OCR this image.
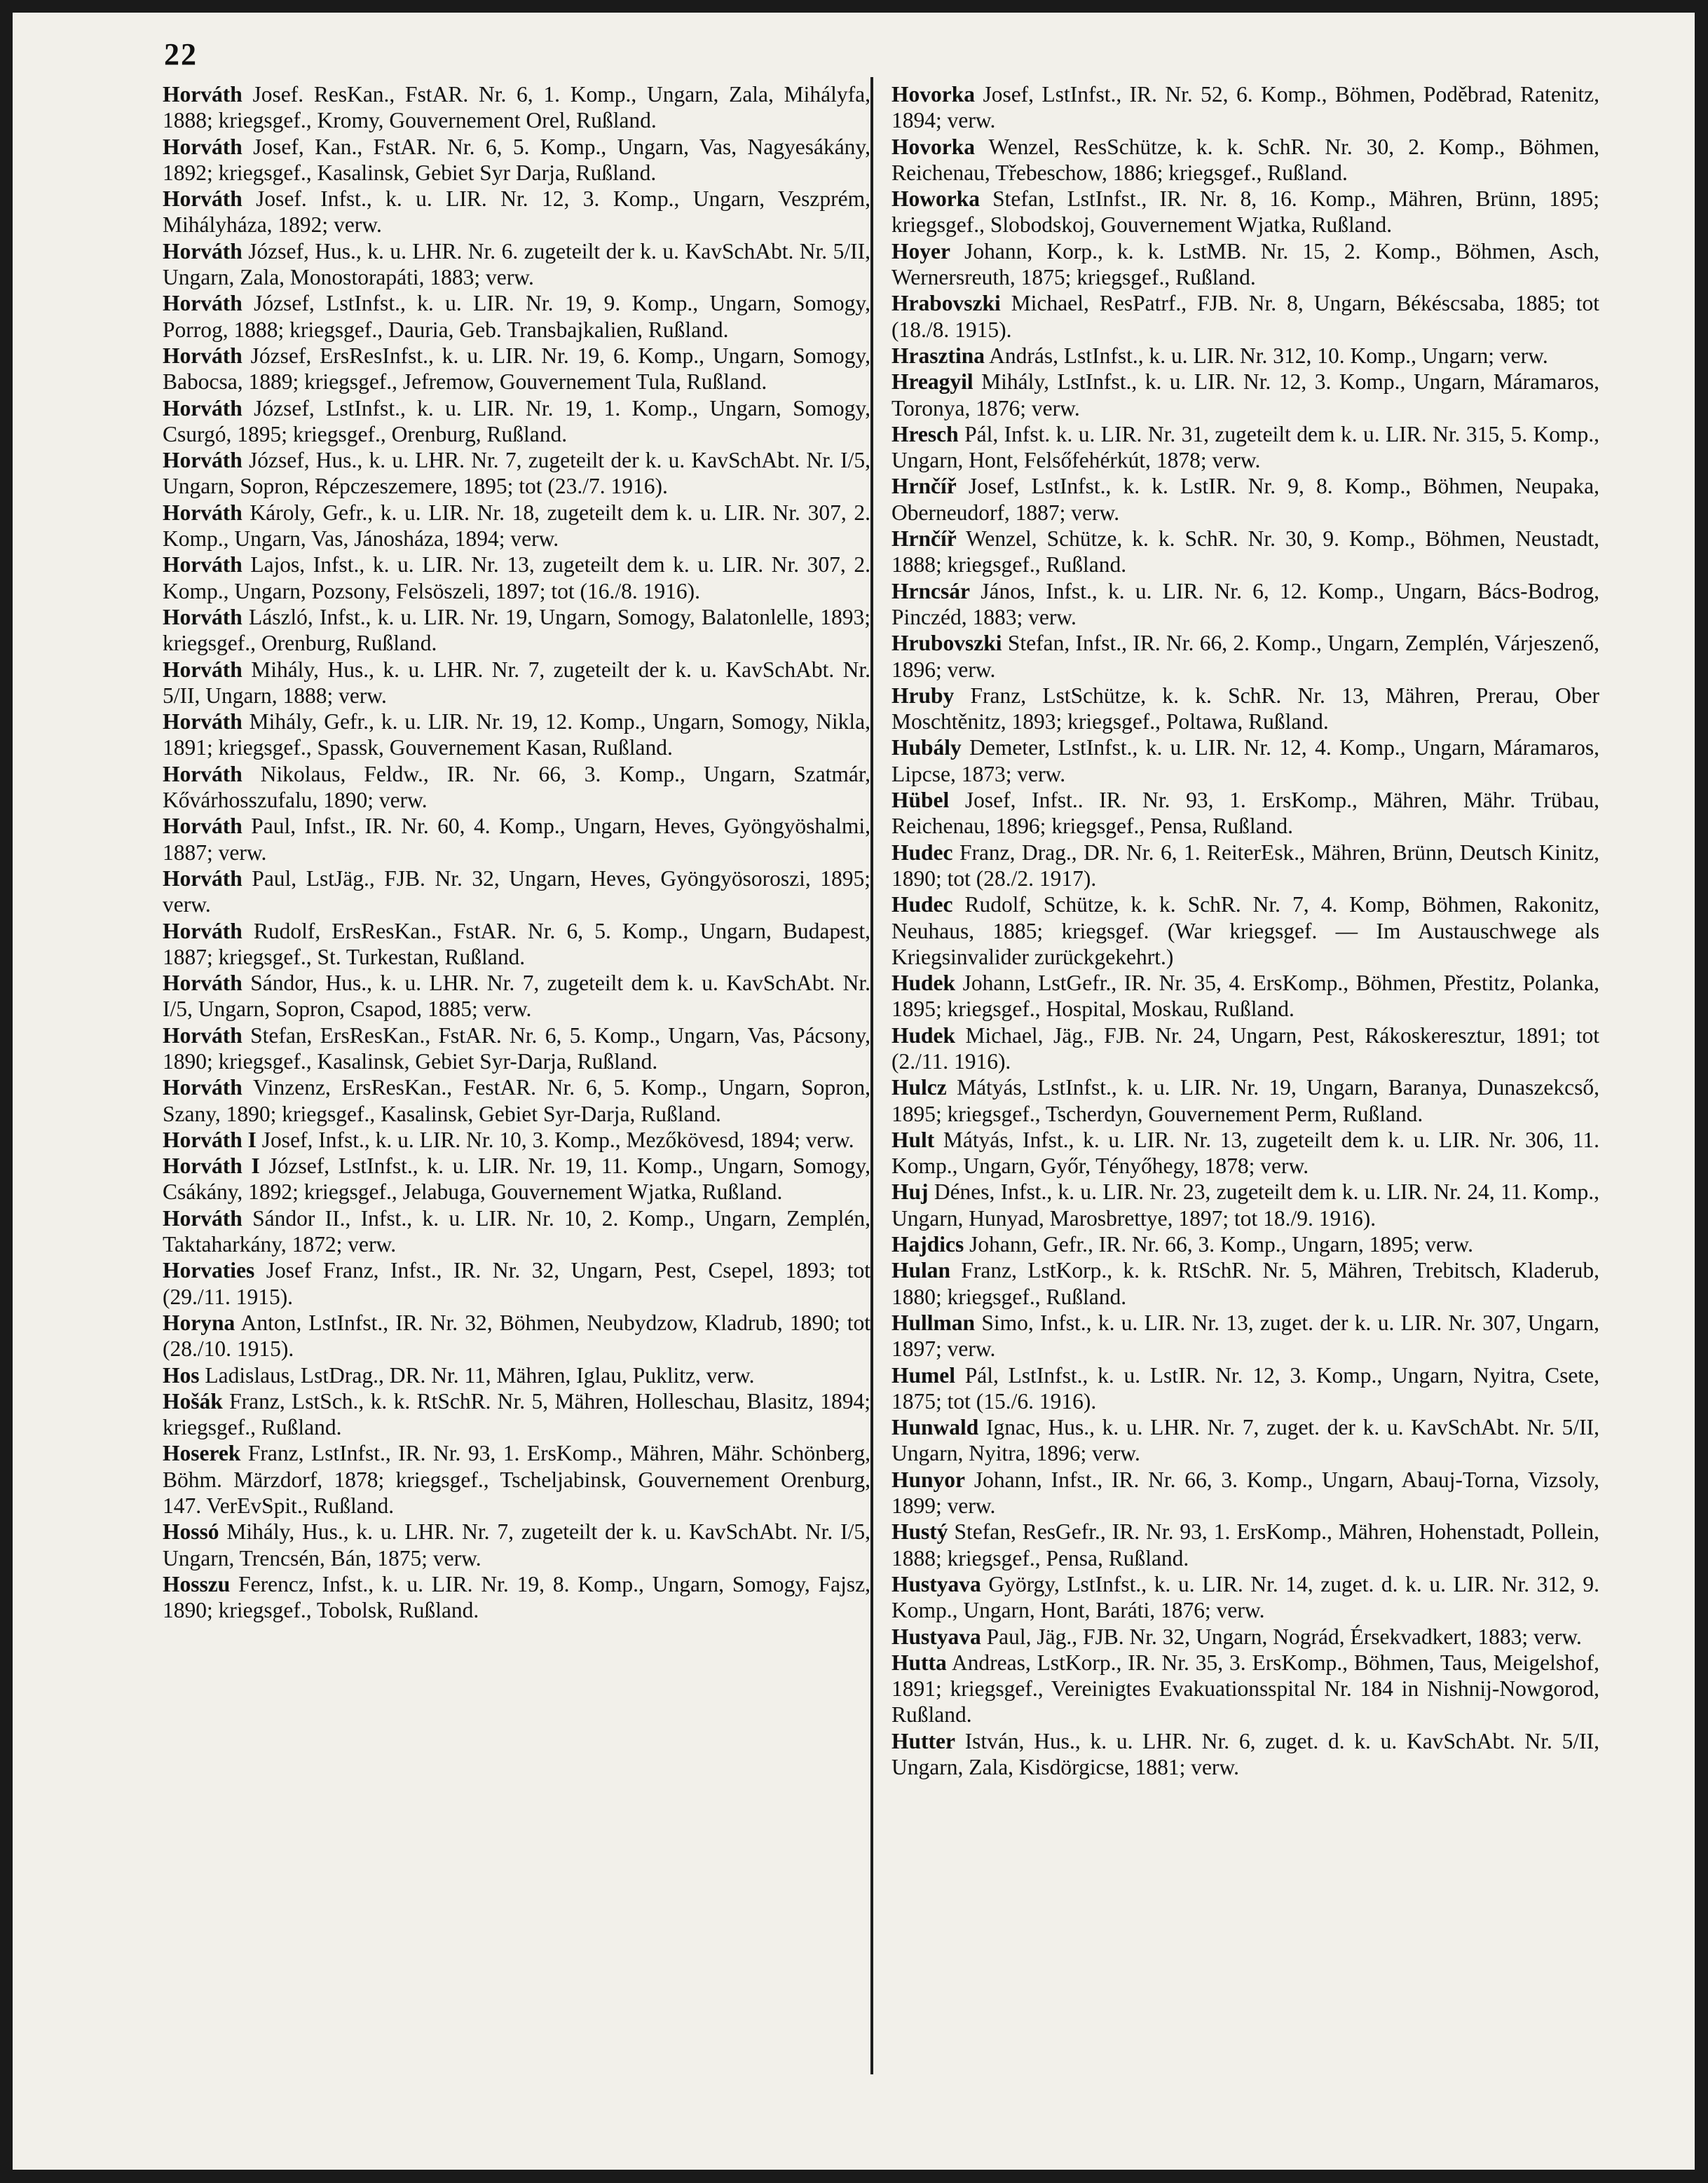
22
Horváth Josef. ResKan., FstAR. Nr. 6, 1. Komp., Ungarn, Zala, Mihályfa, 1888; kriegsgef., Kromy, Gouvernement Orel, Rußland.
Horváth Josef, Kan., FstAR. Nr. 6, 5. Komp., Ungarn, Vas, Nagyesákány, 1892; kriegsgef., Kasalinsk, Gebiet Syr Darja, Rußland.
Horváth Josef. Infst., k. u. LIR. Nr. 12, 3. Komp., Ungarn, Veszprém, Mihályháza, 1892; verw.
Horváth József, Hus., k. u. LHR. Nr. 6. zugeteilt der k. u. KavSchAbt. Nr. 5/II, Ungarn, Zala, Monostorapáti, 1883; verw.
Horváth József, LstInfst., k. u. LIR. Nr. 19, 9. Komp., Ungarn, Somogy, Porrog, 1888; kriegsgef., Dauria, Geb. Transbajkalien, Rußland.
Horváth József, ErsResInfst., k. u. LIR. Nr. 19, 6. Komp., Ungarn, Somogy, Babocsa, 1889; kriegsgef., Jefremow, Gouvernement Tula, Rußland.
Horváth József, LstInfst., k. u. LIR. Nr. 19, 1. Komp., Ungarn, Somogy, Csurgó, 1895; kriegsgef., Orenburg, Rußland.
Horváth József, Hus., k. u. LHR. Nr. 7, zugeteilt der k. u. KavSchAbt. Nr. I/5, Ungarn, Sopron, Répczeszemere, 1895; tot (23./7. 1916).
Horváth Károly, Gefr., k. u. LIR. Nr. 18, zugeteilt dem k. u. LIR. Nr. 307, 2. Komp., Ungarn, Vas, Jánosháza, 1894; verw.
Horváth Lajos, Infst., k. u. LIR. Nr. 13, zugeteilt dem k. u. LIR. Nr. 307, 2. Komp., Ungarn, Pozsony, Felsöszeli, 1897; tot (16./8. 1916).
Horváth László, Infst., k. u. LIR. Nr. 19, Ungarn, Somogy, Balatonlelle, 1893; kriegsgef., Orenburg, Rußland.
Horváth Mihály, Hus., k. u. LHR. Nr. 7, zugeteilt der k. u. KavSchAbt. Nr. 5/II, Ungarn, 1888; verw.
Horváth Mihály, Gefr., k. u. LIR. Nr. 19, 12. Komp., Ungarn, Somogy, Nikla, 1891; kriegsgef., Spassk, Gouvernement Kasan, Rußland.
Horváth Nikolaus, Feldw., IR. Nr. 66, 3. Komp., Ungarn, Szatmár, Kővárhosszufalu, 1890; verw.
Horváth Paul, Infst., IR. Nr. 60, 4. Komp., Ungarn, Heves, Gyöngyöshalmi, 1887; verw.
Horváth Paul, LstJäg., FJB. Nr. 32, Ungarn, Heves, Gyöngyösoroszi, 1895; verw.
Horváth Rudolf, ErsResKan., FstAR. Nr. 6, 5. Komp., Ungarn, Budapest, 1887; kriegsgef., St. Turkestan, Rußland.
Horváth Sándor, Hus., k. u. LHR. Nr. 7, zugeteilt dem k. u. KavSchAbt. Nr. I/5, Ungarn, Sopron, Csapod, 1885; verw.
Horváth Stefan, ErsResKan., FstAR. Nr. 6, 5. Komp., Ungarn, Vas, Pácsony, 1890; kriegsgef., Kasalinsk, Gebiet Syr-Darja, Rußland.
Horváth Vinzenz, ErsResKan., FestAR. Nr. 6, 5. Komp., Ungarn, Sopron, Szany, 1890; kriegsgef., Kasalinsk, Gebiet Syr-Darja, Rußland.
Horváth I Josef, Infst., k. u. LIR. Nr. 10, 3. Komp., Mezőkövesd, 1894; verw.
Horváth I József, LstInfst., k. u. LIR. Nr. 19, 11. Komp., Ungarn, Somogy, Csákány, 1892; kriegsgef., Jelabuga, Gouvernement Wjatka, Rußland.
Horváth Sándor II., Infst., k. u. LIR. Nr. 10, 2. Komp., Ungarn, Zemplén, Taktaharkány, 1872; verw.
Horvaties Josef Franz, Infst., IR. Nr. 32, Ungarn, Pest, Csepel, 1893; tot (29./11. 1915).
Horyna Anton, LstInfst., IR. Nr. 32, Böhmen, Neubydzow, Kladrub, 1890; tot (28./10. 1915).
Hos Ladislaus, LstDrag., DR. Nr. 11, Mähren, Iglau, Puklitz, verw.
Hošák Franz, LstSch., k. k. RtSchR. Nr. 5, Mähren, Holleschau, Blasitz, 1894; kriegsgef., Rußland.
Hoserek Franz, LstInfst., IR. Nr. 93, 1. ErsKomp., Mähren, Mähr. Schönberg, Böhm. Märzdorf, 1878; kriegsgef., Tscheljabinsk, Gouvernement Orenburg, 147. VerEvSpit., Rußland.
Hossó Mihály, Hus., k. u. LHR. Nr. 7, zugeteilt der k. u. KavSchAbt. Nr. I/5, Ungarn, Trencsén, Bán, 1875; verw.
Hosszu Ferencz, Infst., k. u. LIR. Nr. 19, 8. Komp., Ungarn, Somogy, Fajsz, 1890; kriegsgef., Tobolsk, Rußland.
Hovorka Josef, LstInfst., IR. Nr. 52, 6. Komp., Böhmen, Poděbrad, Ratenitz, 1894; verw.
Hovorka Wenzel, ResSchütze, k. k. SchR. Nr. 30, 2. Komp., Böhmen, Reichenau, Třebeschow, 1886; kriegsgef., Rußland.
Howorka Stefan, LstInfst., IR. Nr. 8, 16. Komp., Mähren, Brünn, 1895; kriegsgef., Slobodskoj, Gouvernement Wjatka, Rußland.
Hoyer Johann, Korp., k. k. LstMB. Nr. 15, 2. Komp., Böhmen, Asch, Wernersreuth, 1875; kriegsgef., Rußland.
Hrabovszki Michael, ResPatrf., FJB. Nr. 8, Ungarn, Békéscsaba, 1885; tot (18./8. 1915).
Hrasztina András, LstInfst., k. u. LIR. Nr. 312, 10. Komp., Ungarn; verw.
Hreagyil Mihály, LstInfst., k. u. LIR. Nr. 12, 3. Komp., Ungarn, Máramaros, Toronya, 1876; verw.
Hresch Pál, Infst. k. u. LIR. Nr. 31, zugeteilt dem k. u. LIR. Nr. 315, 5. Komp., Ungarn, Hont, Felsőfehérkút, 1878; verw.
Hrnčíř Josef, LstInfst., k. k. LstIR. Nr. 9, 8. Komp., Böhmen, Neupaka, Oberneudorf, 1887; verw.
Hrnčíř Wenzel, Schütze, k. k. SchR. Nr. 30, 9. Komp., Böhmen, Neustadt, 1888; kriegsgef., Rußland.
Hrncsár János, Infst., k. u. LIR. Nr. 6, 12. Komp., Ungarn, Bács-Bodrog, Pinczéd, 1883; verw.
Hrubovszki Stefan, Infst., IR. Nr. 66, 2. Komp., Ungarn, Zemplén, Várjeszenő, 1896; verw.
Hruby Franz, LstSchütze, k. k. SchR. Nr. 13, Mähren, Prerau, Ober Moschtěnitz, 1893; kriegsgef., Poltawa, Rußland.
Hubály Demeter, LstInfst., k. u. LIR. Nr. 12, 4. Komp., Ungarn, Máramaros, Lipcse, 1873; verw.
Hübel Josef, Infst.. IR. Nr. 93, 1. ErsKomp., Mähren, Mähr. Trübau, Reichenau, 1896; kriegsgef., Pensa, Rußland.
Hudec Franz, Drag., DR. Nr. 6, 1. ReiterEsk., Mähren, Brünn, Deutsch Kinitz, 1890; tot (28./2. 1917).
Hudec Rudolf, Schütze, k. k. SchR. Nr. 7, 4. Komp, Böhmen, Rakonitz, Neuhaus, 1885; kriegsgef. (War kriegsgef. — Im Austauschwege als Kriegsinvalider zurückgekehrt.)
Hudek Johann, LstGefr., IR. Nr. 35, 4. ErsKomp., Böhmen, Přestitz, Polanka, 1895; kriegsgef., Hospital, Moskau, Rußland.
Hudek Michael, Jäg., FJB. Nr. 24, Ungarn, Pest, Rákoskeresztur, 1891; tot (2./11. 1916).
Hulcz Mátyás, LstInfst., k. u. LIR. Nr. 19, Ungarn, Baranya, Dunaszekcső, 1895; kriegsgef., Tscherdyn, Gouvernement Perm, Rußland.
Hult Mátyás, Infst., k. u. LIR. Nr. 13, zugeteilt dem k. u. LIR. Nr. 306, 11. Komp., Ungarn, Győr, Tényőhegy, 1878; verw.
Huj Dénes, Infst., k. u. LIR. Nr. 23, zugeteilt dem k. u. LIR. Nr. 24, 11. Komp., Ungarn, Hunyad, Marosbrettye, 1897; tot 18./9. 1916).
Hajdics Johann, Gefr., IR. Nr. 66, 3. Komp., Ungarn, 1895; verw.
Hulan Franz, LstKorp., k. k. RtSchR. Nr. 5, Mähren, Trebitsch, Kladerub, 1880; kriegsgef., Rußland.
Hullman Simo, Infst., k. u. LIR. Nr. 13, zuget. der k. u. LIR. Nr. 307, Ungarn, 1897; verw.
Humel Pál, LstInfst., k. u. LstIR. Nr. 12, 3. Komp., Ungarn, Nyitra, Csete, 1875; tot (15./6. 1916).
Hunwald Ignac, Hus., k. u. LHR. Nr. 7, zuget. der k. u. KavSchAbt. Nr. 5/II, Ungarn, Nyitra, 1896; verw.
Hunyor Johann, Infst., IR. Nr. 66, 3. Komp., Ungarn, Abauj-Torna, Vizsoly, 1899; verw.
Hustý Stefan, ResGefr., IR. Nr. 93, 1. ErsKomp., Mähren, Hohenstadt, Pollein, 1888; kriegsgef., Pensa, Rußland.
Hustyava György, LstInfst., k. u. LIR. Nr. 14, zuget. d. k. u. LIR. Nr. 312, 9. Komp., Ungarn, Hont, Baráti, 1876; verw.
Hustyava Paul, Jäg., FJB. Nr. 32, Ungarn, Nográd, Érsekvadkert, 1883; verw.
Hutta Andreas, LstKorp., IR. Nr. 35, 3. ErsKomp., Böhmen, Taus, Meigelshof, 1891; kriegsgef., Vereinigtes Evakuationsspital Nr. 184 in Nishnij-Nowgorod, Rußland.
Hutter István, Hus., k. u. LHR. Nr. 6, zuget. d. k. u. KavSchAbt. Nr. 5/II, Ungarn, Zala, Kisdörgicse, 1881; verw.
